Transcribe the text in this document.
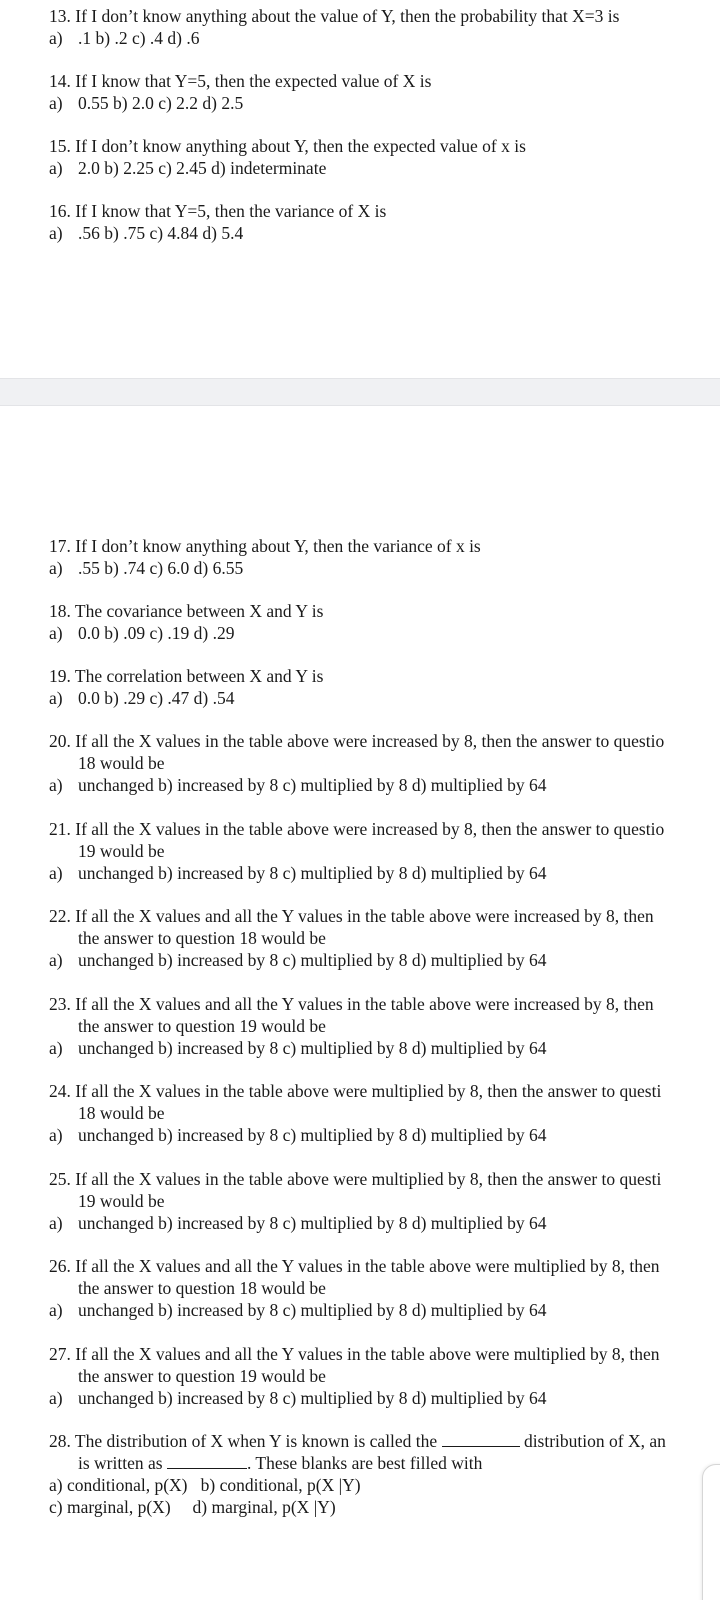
13. If I don’t know anything about the value of Y, then the probability that X=3 is
a) .1 b) .2 c) .4 d) .6
14. If I know that Y=5, then the expected value of X is
a) 0.55 b) 2.0 c) 2.2 d) 2.5
15. If I don’t know anything about Y, then the expected value of x is
a) 2.0 b) 2.25 c) 2.45 d) indeterminate
16. If I know that Y=5, then the variance of X is
a) .56 b) .75 c) 4.84 d) 5.4
17. If I don’t know anything about Y, then the variance of x is
a) .55 b) .74 c) 6.0 d) 6.55
18. The covariance between X and Y is
a) 0.0 b) .09 c) .19 d) .29
19. The correlation between X and Y is
a) 0.0 b) .29 c) .47 d) .54
20. If all the X values in the table above were increased by 8, then the answer to questio
18 would be
a) unchanged b) increased by 8 c) multiplied by 8 d) multiplied by 64
21. If all the X values in the table above were increased by 8, then the answer to questio
19 would be
a) unchanged b) increased by 8 c) multiplied by 8 d) multiplied by 64
22. If all the X values and all the Y values in the table above were increased by 8, then
the answer to question 18 would be
a) unchanged b) increased by 8 c) multiplied by 8 d) multiplied by 64
23. If all the X values and all the Y values in the table above were increased by 8, then
the answer to question 19 would be
a) unchanged b) increased by 8 c) multiplied by 8 d) multiplied by 64
24. If all the X values in the table above were multiplied by 8, then the answer to questi
18 would be
a) unchanged b) increased by 8 c) multiplied by 8 d) multiplied by 64
25. If all the X values in the table above were multiplied by 8, then the answer to questi
19 would be
a) unchanged b) increased by 8 c) multiplied by 8 d) multiplied by 64
26. If all the X values and all the Y values in the table above were multiplied by 8, then
the answer to question 18 would be
a) unchanged b) increased by 8 c) multiplied by 8 d) multiplied by 64
27. If all the X values and all the Y values in the table above were multiplied by 8, then
the answer to question 19 would be
a) unchanged b) increased by 8 c) multiplied by 8 d) multiplied by 64
28. The distribution of X when Y is known is called the	distribution of X, an
is written as	. These blanks are best filled with
a) conditional, p(X)   b) conditional, p(X |Y)
c) marginal, p(X)     d) marginal, p(X |Y)
